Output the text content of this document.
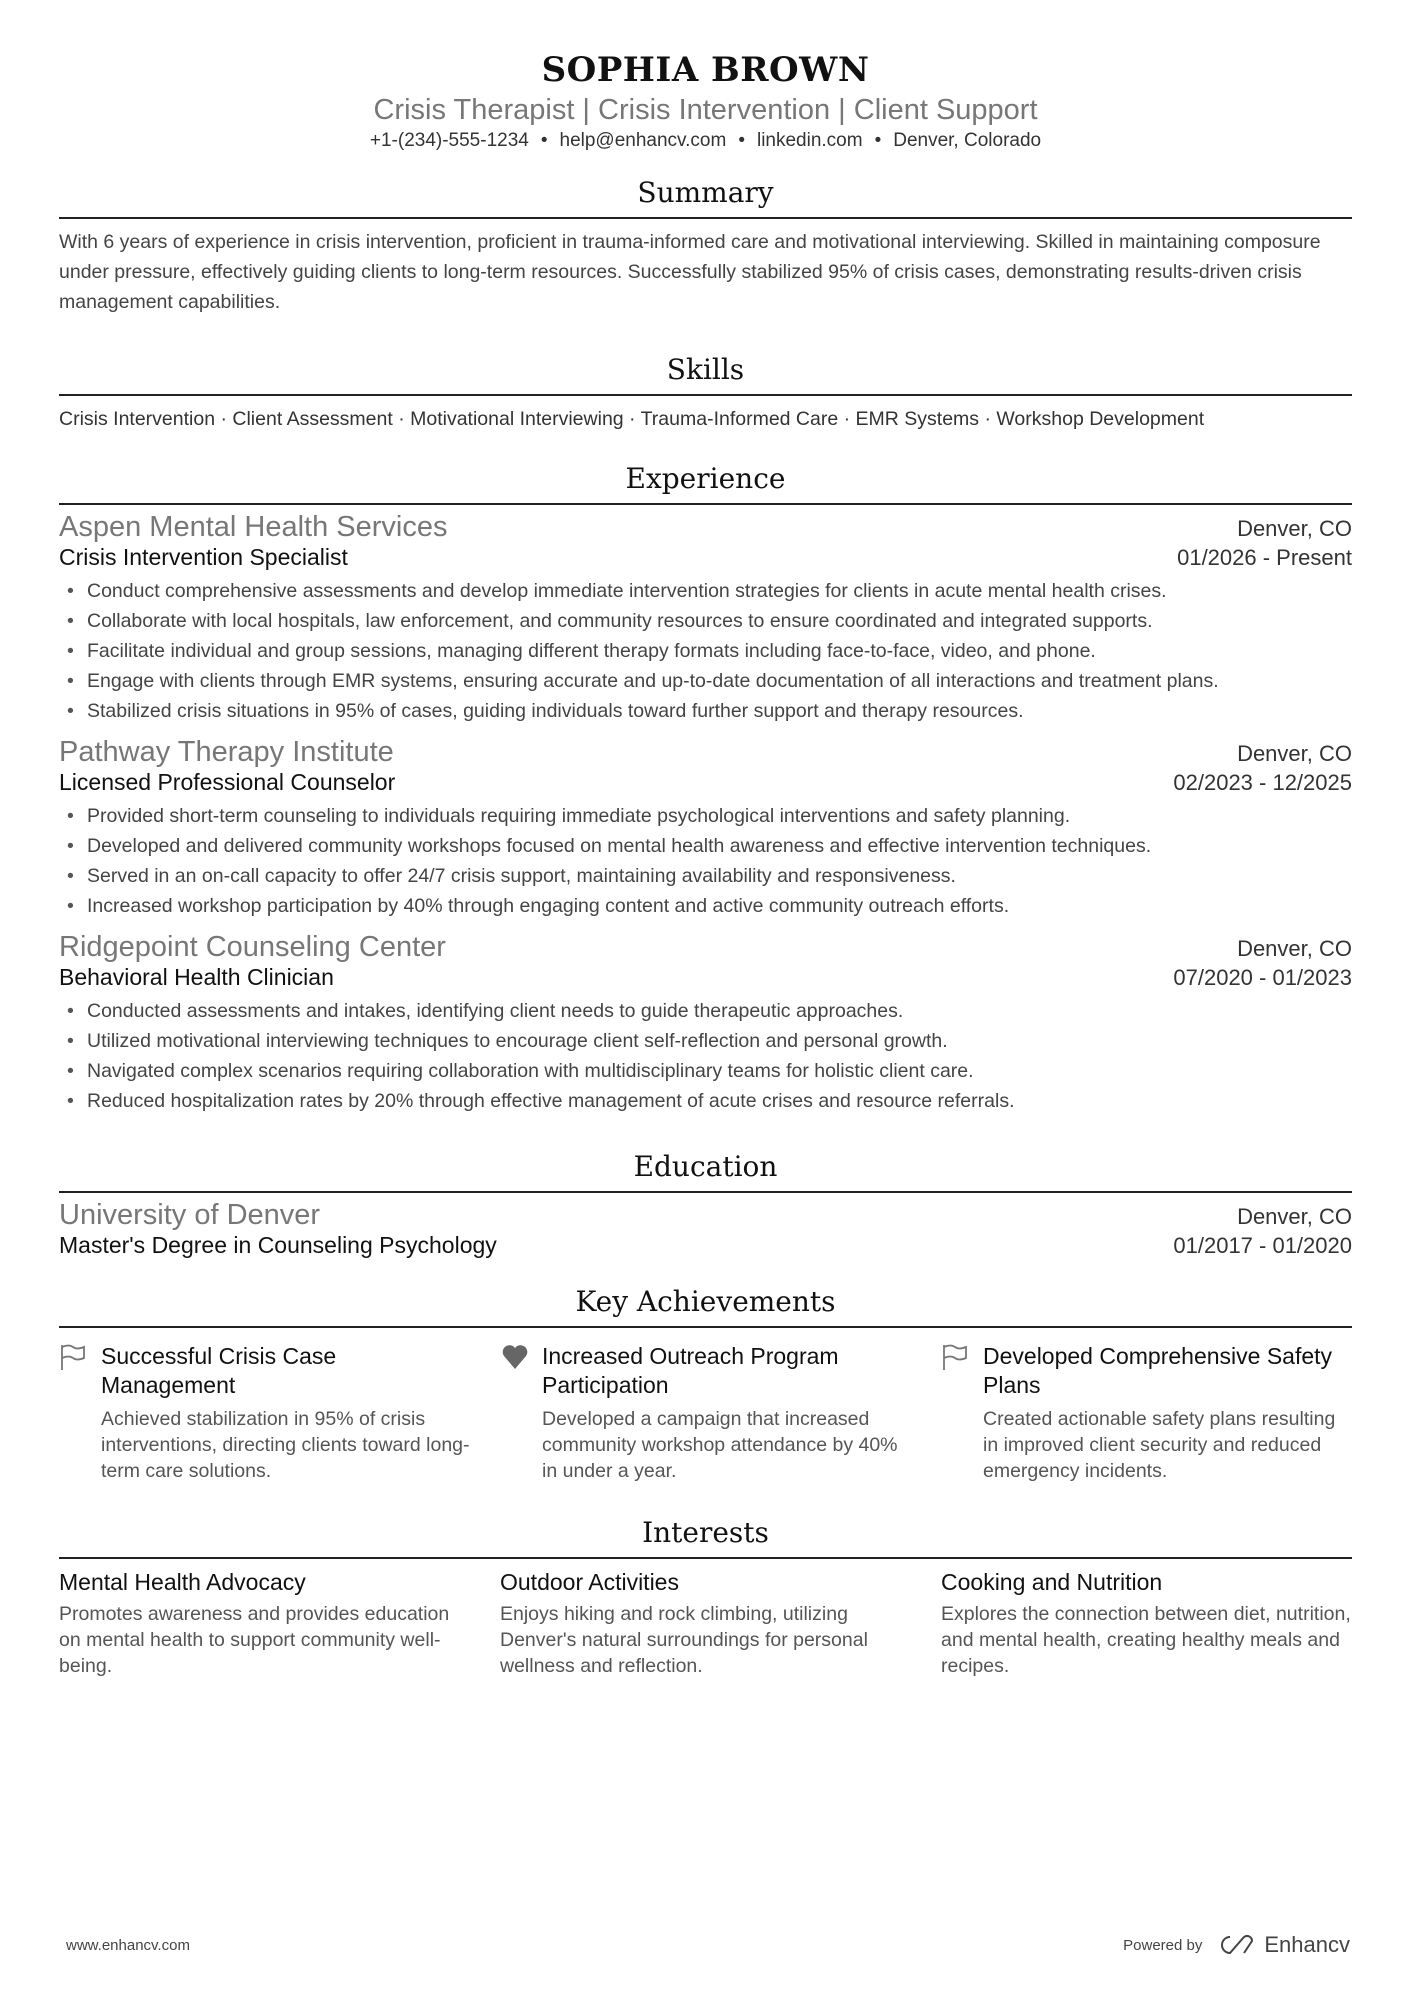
SOPHIA BROWN
Crisis Therapist | Crisis Intervention | Client Support
+1-(234)-555-1234 • help@enhancv.com • linkedin.com • Denver, Colorado
Summary

With 6 years of experience in crisis intervention, proficient in trauma-informed care and motivational interviewing. Skilled in maintaining composure under pressure, effectively guiding clients to long-term resources. Successfully stabilized 95% of crisis cases, demonstrating results-driven crisis management capabilities.

Skills

Crisis Intervention · Client Assessment · Motivational Interviewing · Trauma-Informed Care · EMR Systems · Workshop Development

Experience
Aspen Mental Health Services	Denver, CO
Crisis Intervention Specialist	01/2026 - Present
• Conduct comprehensive assessments and develop immediate intervention strategies for clients in acute mental health crises.
• Collaborate with local hospitals, law enforcement, and community resources to ensure coordinated and integrated supports.
• Facilitate individual and group sessions, managing different therapy formats including face-to-face, video, and phone.
• Engage with clients through EMR systems, ensuring accurate and up-to-date documentation of all interactions and treatment plans.
• Stabilized crisis situations in 95% of cases, guiding individuals toward further support and therapy resources.
Pathway Therapy Institute	Denver, CO
Licensed Professional Counselor	02/2023 - 12/2025
• Provided short-term counseling to individuals requiring immediate psychological interventions and safety planning.
• Developed and delivered community workshops focused on mental health awareness and effective intervention techniques.
• Served in an on-call capacity to offer 24/7 crisis support, maintaining availability and responsiveness.
• Increased workshop participation by 40% through engaging content and active community outreach efforts.
Ridgepoint Counseling Center	Denver, CO
Behavioral Health Clinician	07/2020 - 01/2023
• Conducted assessments and intakes, identifying client needs to guide therapeutic approaches.
• Utilized motivational interviewing techniques to encourage client self-reflection and personal growth.
• Navigated complex scenarios requiring collaboration with multidisciplinary teams for holistic client care.
• Reduced hospitalization rates by 20% through effective management of acute crises and resource referrals.
Education
University of Denver	Denver, CO
Master's Degree in Counseling Psychology	01/2017 - 01/2020
Key Achievements
Successful Crisis Case Management
Achieved stabilization in 95% of crisis interventions, directing clients toward long-term care solutions.
Increased Outreach Program Participation
Developed a campaign that increased community workshop attendance by 40% in under a year.
Developed Comprehensive Safety Plans
Created actionable safety plans resulting in improved client security and reduced emergency incidents.
Interests
Mental Health Advocacy
Promotes awareness and provides education on mental health to support community well-being.
Outdoor Activities
Enjoys hiking and rock climbing, utilizing Denver's natural surroundings for personal wellness and reflection.
Cooking and Nutrition
Explores the connection between diet, nutrition, and mental health, creating healthy meals and recipes.
www.enhancv.com	Powered by	Enhancv
